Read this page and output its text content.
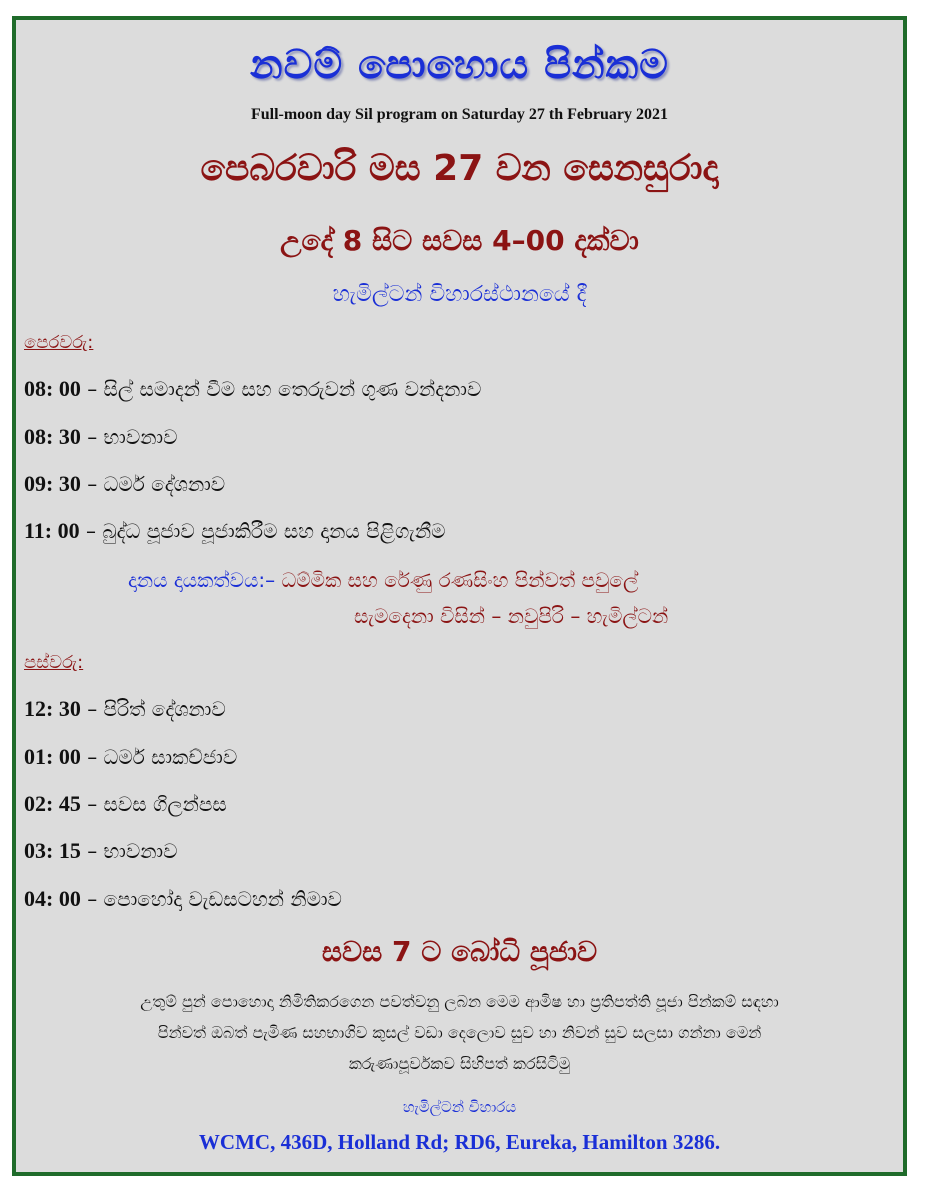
නවම් පොහොය පින්කම
Full-moon day Sil program on Saturday 27 th February 2021
පෙබරවාරි මස 27 වන සෙනසුරාදා
උදේ 8 සිට සවස 4–00 දක්වා
හැමිල්ටන් විහාරස්ථානයේ දී
පෙරවරු:
08: 00 – සිල් සමාදන් වීම සහ තෙරුවන් ගුණ වන්දනාව
08: 30 – භාවනාව
09: 30 – ධර්ම දේශනාව
11: 00 – බුද්ධ පූජාව පූජාකිරීම සහ දානය පිළිගැනීම
දානය දායකත්වය:– ධම්මික සහ රේණු රණසිංහ පින්වත් පවුලේ
සැමදෙනා විසින් – නවුපිරි – හැමිල්ටන්
පස්වරු:
12: 30 – පිරිත් දේශනාව
01: 00 – ධර්ම සාකච්ජාව
02: 45 – සවස ගිලන්පස
03: 15 – භාවනාව
04: 00 – පොහෝදා වැඩසටහන් නිමාව
සවස 7 ට බෝධි පූජාව
උතුම් පුන් පොහොදා නිමිතිකරගෙන පවත්වනු ලබන මෙම ආමිෂ හා ප්‍රතිපත්ති පූජා පින්කම් සඳහා
පින්වත් ඔබත් පැමිණ සහභාගිව කුසල් වඩා දෙලොව සුව හා නිවන් සුව සලසා ගන්නා මෙන්
කරුණාපූර්වකව සිහිපත් කරසිටිමු
හැමිල්ටන් විහාරය
WCMC, 436D, Holland Rd; RD6, Eureka, Hamilton 3286.
